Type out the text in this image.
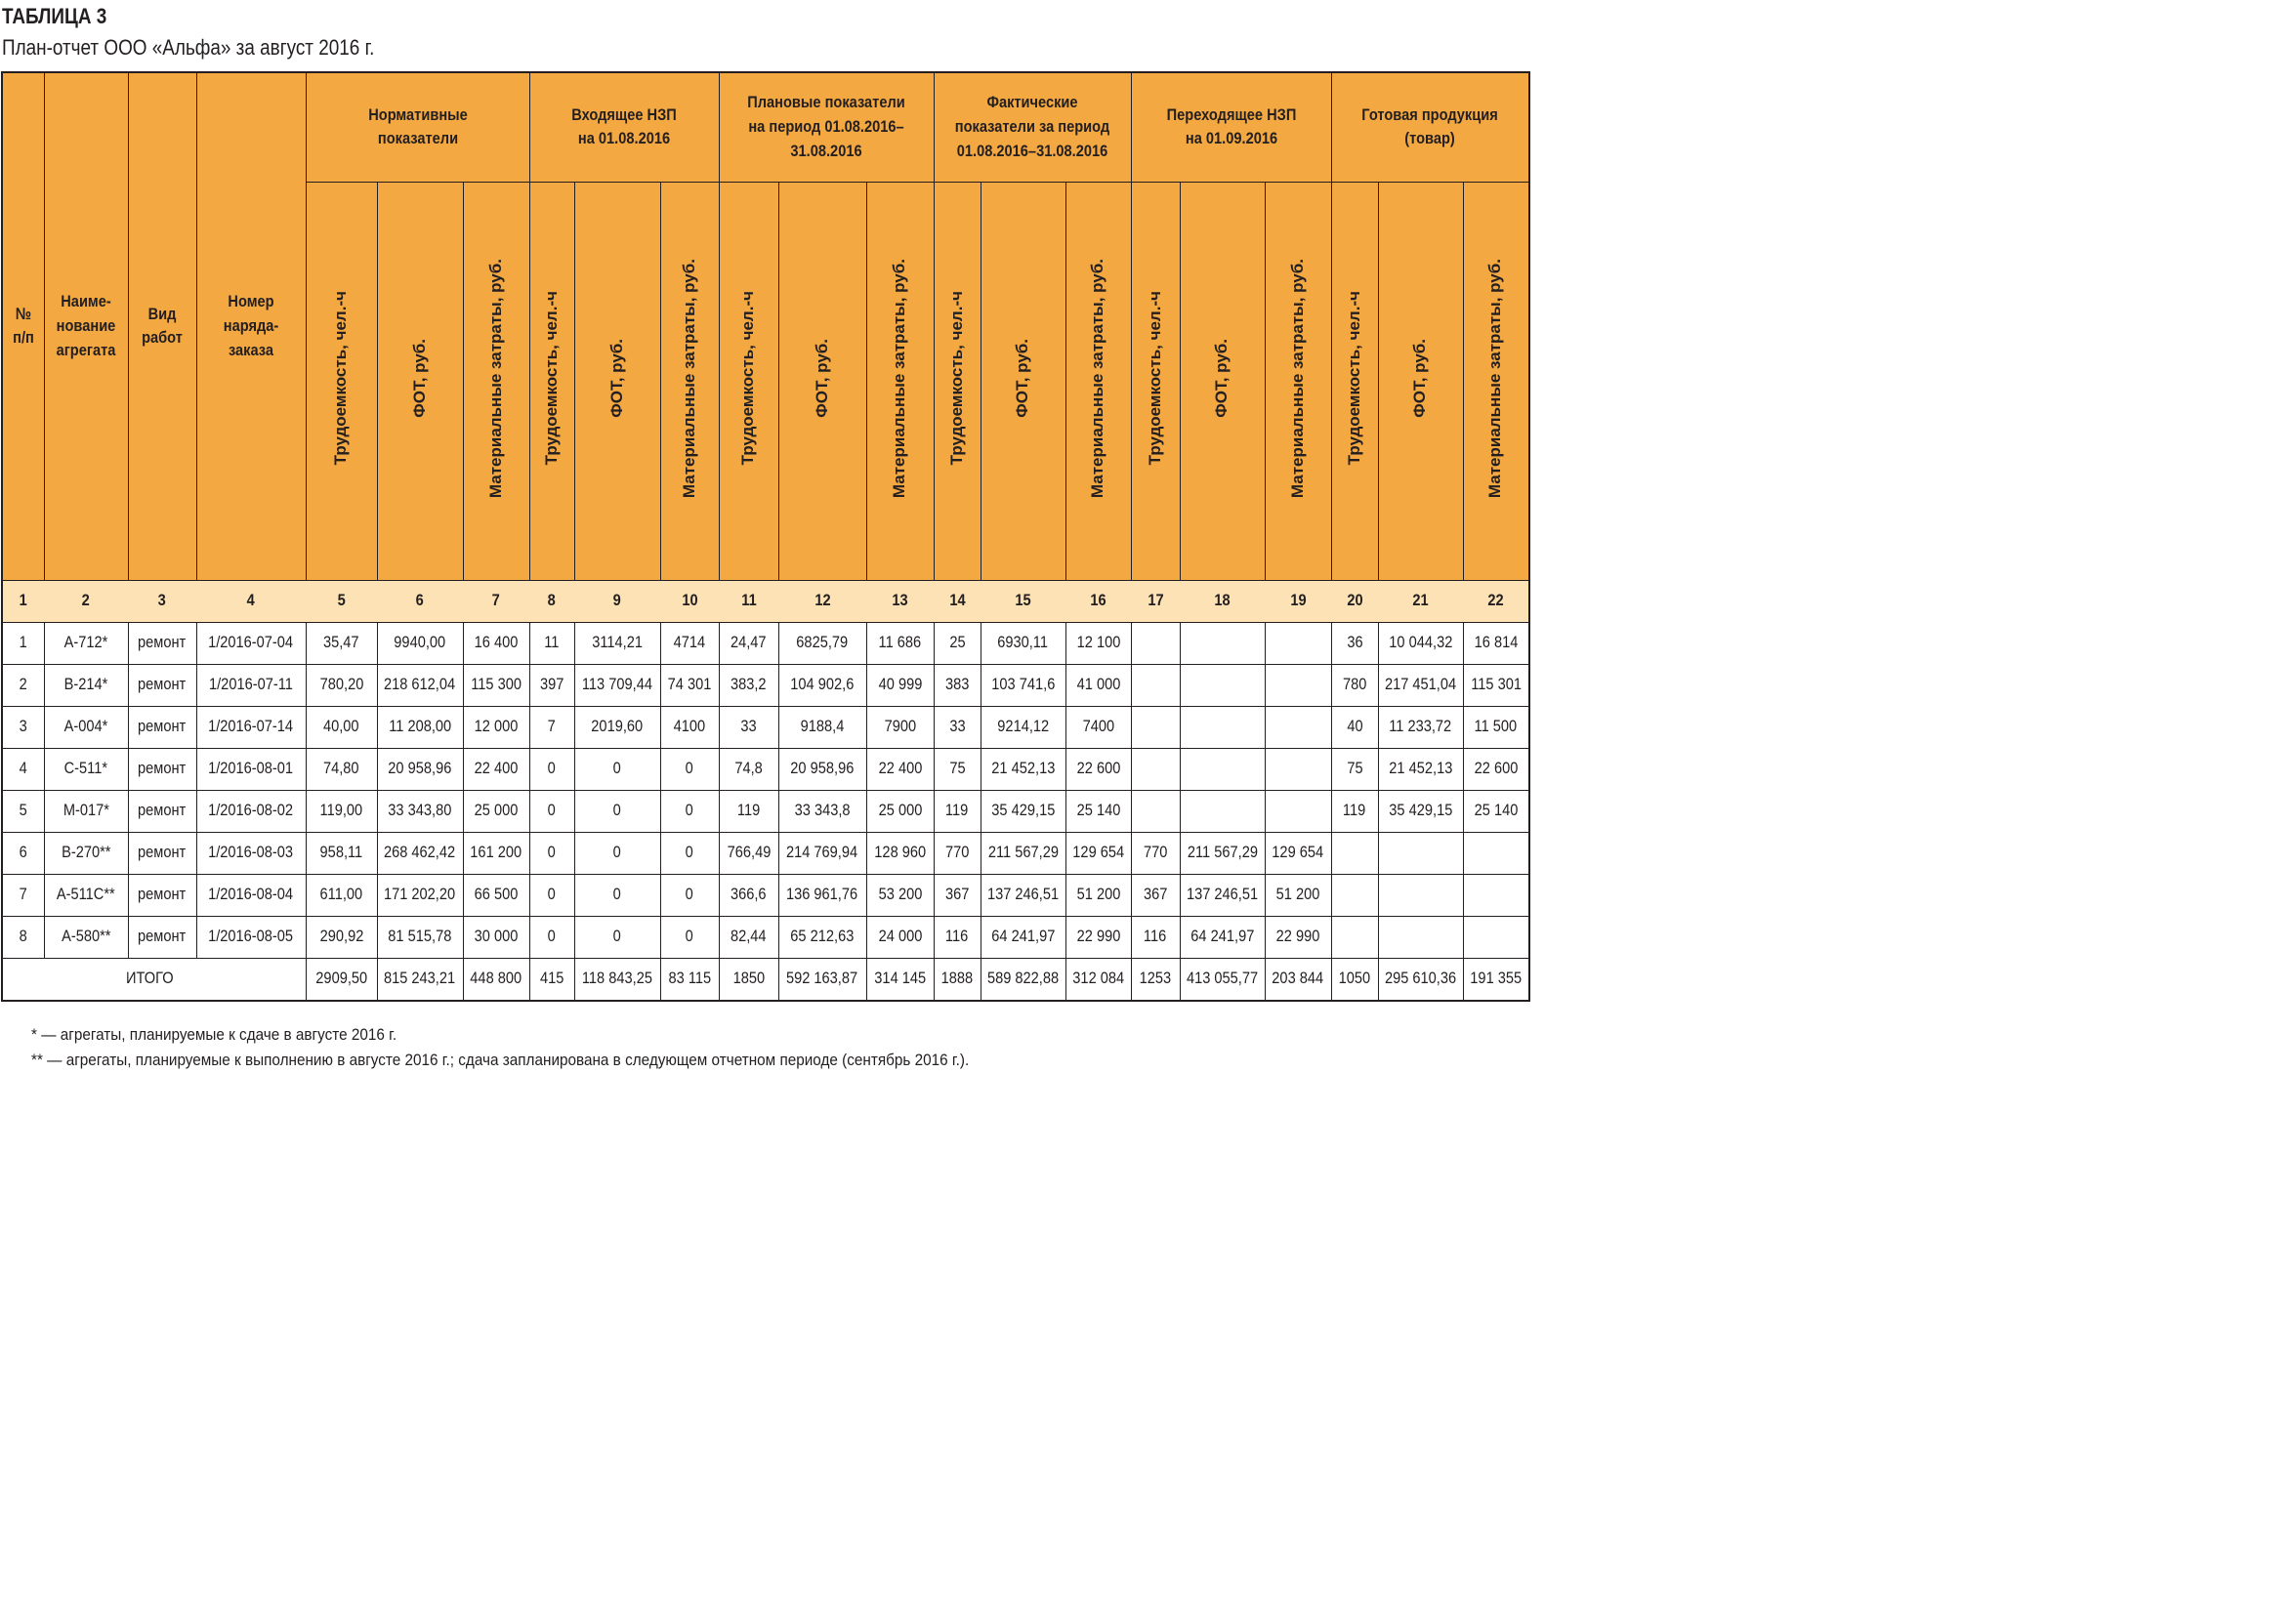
ТАБЛИЦА 3
План-отчет ООО «Альфа» за август 2016 г.
№ п/п	Наиме-нование агрегата	Вид работ	Номер наряда-заказа	Нормативные показатели			Входящее НЗП на 01.08.2016			Плановые показатели на период 01.08.2016–31.08.2016			Фактические показатели за период 01.08.2016–31.08.2016			Переходящее НЗП на 01.09.2016			Готовая продукция (товар)		
				Трудоемкость, чел.-ч	ФОТ, руб.	Материальные затраты, руб.	Трудоемкость, чел.-ч	ФОТ, руб.	Материальные затраты, руб.	Трудоемкость, чел.-ч	ФОТ, руб.	Материальные затраты, руб.	Трудоемкость, чел.-ч	ФОТ, руб.	Материальные затраты, руб.	Трудоемкость, чел.-ч	ФОТ, руб.	Материальные затраты, руб.	Трудоемкость, чел.-ч	ФОТ, руб.	Материальные затраты, руб.
1	2	3	4	5	6	7	8	9	10	11	12	13	14	15	16	17	18	19	20	21	22
1	А-712*	ремонт	1/2016-07-04	35,47	9940,00	16 400	11	3114,21	4714	24,47	6825,79	11 686	25	6930,11	12 100				36	10 044,32	16 814
2	В-214*	ремонт	1/2016-07-11	780,20	218 612,04	115 300	397	113 709,44	74 301	383,2	104 902,6	40 999	383	103 741,6	41 000				780	217 451,04	115 301
3	А-004*	ремонт	1/2016-07-14	40,00	11 208,00	12 000	7	2019,60	4100	33	9188,4	7900	33	9214,12	7400				40	11 233,72	11 500
4	С-511*	ремонт	1/2016-08-01	74,80	20 958,96	22 400	0	0	0	74,8	20 958,96	22 400	75	21 452,13	22 600				75	21 452,13	22 600
5	М-017*	ремонт	1/2016-08-02	119,00	33 343,80	25 000	0	0	0	119	33 343,8	25 000	119	35 429,15	25 140				119	35 429,15	25 140
6	В-270**	ремонт	1/2016-08-03	958,11	268 462,42	161 200	0	0	0	766,49	214 769,94	128 960	770	211 567,29	129 654	770	211 567,29	129 654			
7	А-511С**	ремонт	1/2016-08-04	611,00	171 202,20	66 500	0	0	0	366,6	136 961,76	53 200	367	137 246,51	51 200	367	137 246,51	51 200			
8	А-580**	ремонт	1/2016-08-05	290,92	81 515,78	30 000	0	0	0	82,44	65 212,63	24 000	116	64 241,97	22 990	116	64 241,97	22 990			
ИТОГО				2909,50	815 243,21	448 800	415	118 843,25	83 115	1850	592 163,87	314 145	1888	589 822,88	312 084	1253	413 055,77	203 844	1050	295 610,36	191 355
* — агрегаты, планируемые к сдаче в августе 2016 г.
** — агрегаты, планируемые к выполнению в августе 2016 г.; сдача запланирована в следующем отчетном периоде (сентябрь 2016 г.).
